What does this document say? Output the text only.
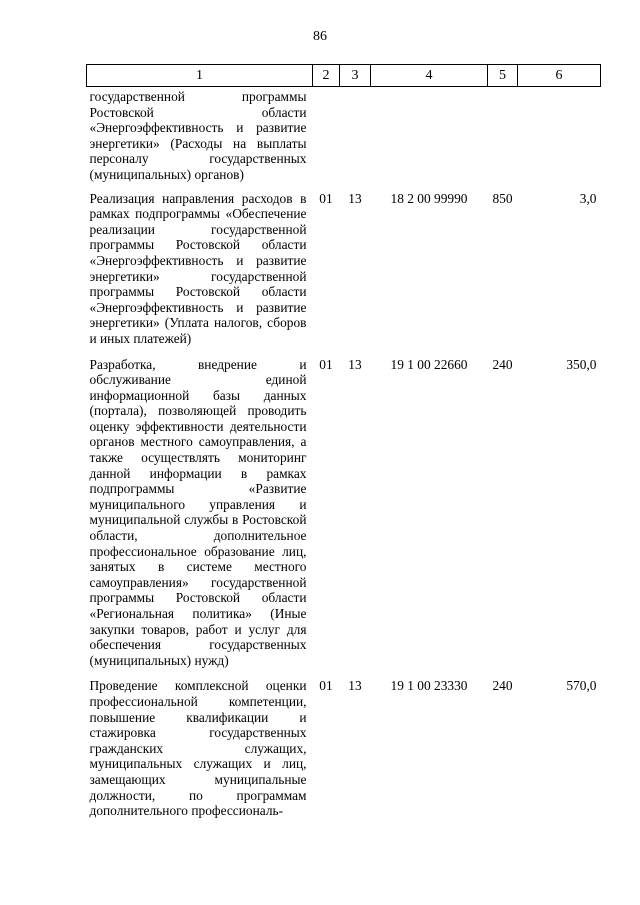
86
1	2	3	4	5	6
государственной программы Ростовской области «Энергоэффективность и развитие энергетики» (Расходы на выплаты персоналу государственных (муниципальных) органов)					
Реализация направления расходов в рамках подпрограммы «Обеспечение реализации государственной программы Ростовской области «Энергоэффективность и развитие энергетики» государственной программы Ростовской области «Энергоэффективность и развитие энергетики» (Уплата налогов, сборов и иных платежей)	01	13	18 2 00 99990	850	3,0
Разработка, внедрение и обслуживание единой информационной базы данных (портала), позволяющей проводить оценку эффективности деятельности органов местного самоуправления, а также осуществлять мониторинг данной информации в рамках подпрограммы «Развитие муниципального управления и муниципальной службы в Ростовской области, дополнительное профессиональное образование лиц, занятых в системе местного самоуправления» государственной программы Ростовской области «Региональная политика» (Иные закупки товаров, работ и услуг для обеспечения государственных (муниципальных) нужд)	01	13	19 1 00 22660	240	350,0
Проведение комплексной оценки профессиональной компетенции, повышение квалификации и стажировка государственных гражданских служащих, муниципальных служащих и лиц, замещающих муниципальные должности, по программам дополнительного профессиональ-	01	13	19 1 00 23330	240	570,0
